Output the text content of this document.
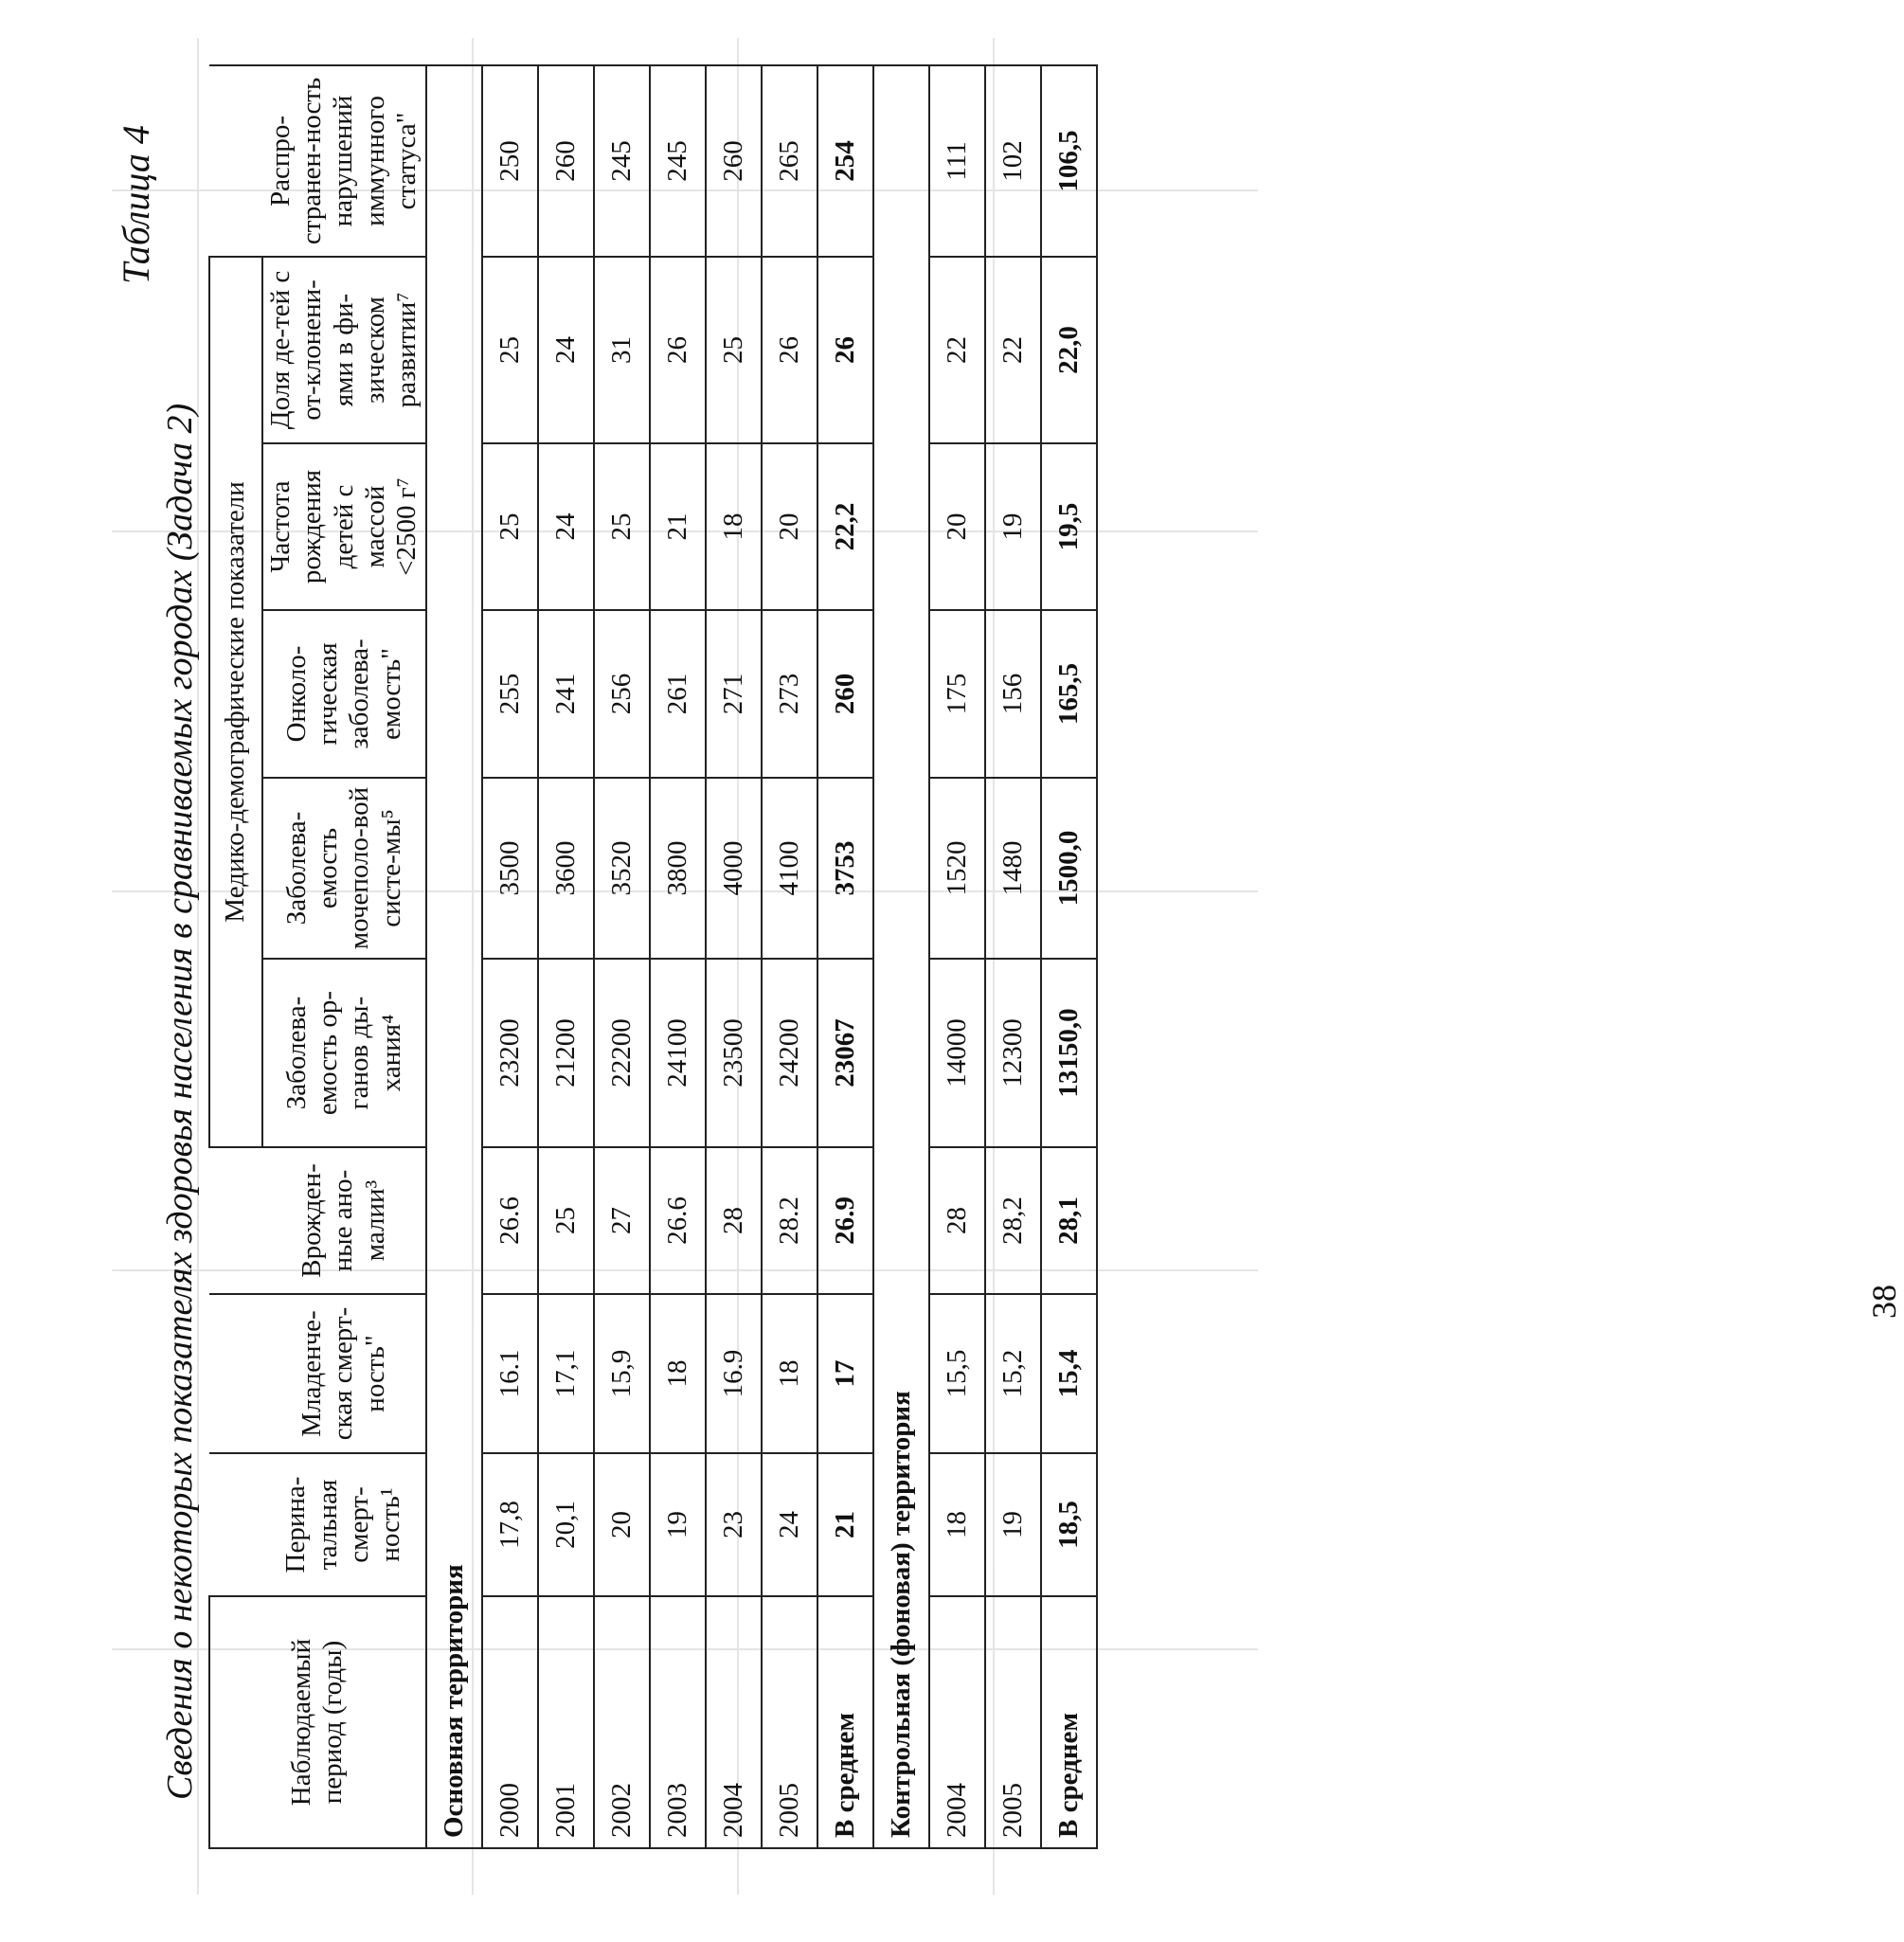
Таблица 4
Сведения о некоторых показателях здоровья населения в сравниваемых городах (Задача 2)	Наблюдаемый период (годы)				Медико-демографические показатели						
	Перина-тальная смерт-ность¹	Младенче-ская смерт-ность"	Врожден-ные ано-малии³	Заболева-емость ор-ганов ды-хания⁴	Заболева-емость мочеполо-вой систе-мы⁵	Онколо-гическая заболева-емость"	Частота рождения детей с массой <2500 г⁷	Доля де-тей с от-клонени-ями в фи-зическом развитии⁷	Распро-странен-ность нарушений иммунного статуса"	
Основная территория										
2000	17,8	16.1	26.6	23200	3500	255	25	25	250	
2001	20,1	17,1	25	21200	3600	241	24	24	260	
2002	20	15,9	27	22200	3520	256	25	31	245	
2003	19	18	26.6	24100	3800	261	21	26	245	
2004	23	16.9	28	23500	4000	271	18	25	260	
2005	24	18	28.2	24200	4100	273	20	26	265	
В среднем	21	17	26.9	23067	3753	260	22,2	26	254	
Контрольная (фоновая) территория										
2004	18	15,5	28	14000	1520	175	20	22	111	
2005	19	15,2	28,2	12300	1480	156	19	22	102	
В среднем	18,5	15,4	28,1	13150,0	1500,0	165,5	19,5	22,0	106,5	
38
